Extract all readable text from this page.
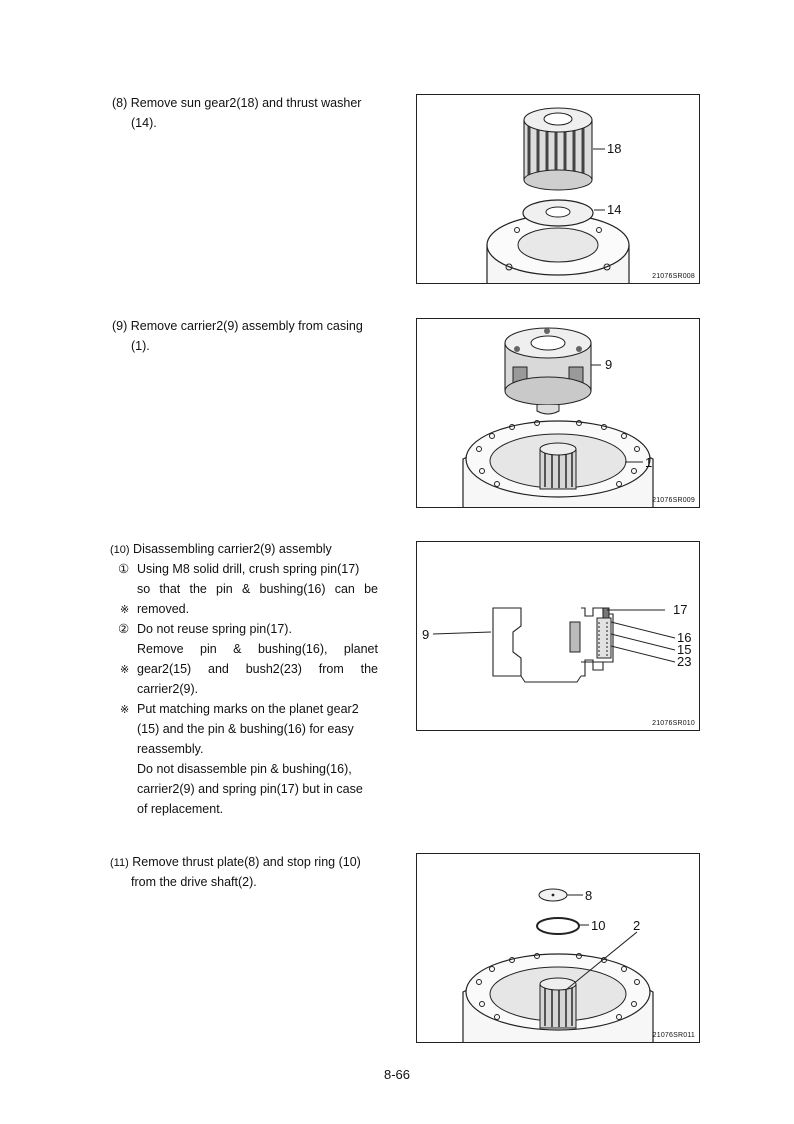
(8) Remove sun gear2(18) and thrust washer
(14).
18
14
21076SR008
(9) Remove carrier2(9) assembly from casing
(1).
9
1
21076SR009
(10) Disassembling carrier2(9) assembly
① Using M8 solid drill, crush spring pin(17)
so that the pin & bushing(16) can be
※ removed.
② Do not reuse spring pin(17).
Remove pin & bushing(16), planet
※ gear2(15) and bush2(23) from the
carrier2(9).
※ Put matching marks on the planet gear2
(15) and the pin & bushing(16) for easy
reassembly.
Do not disassemble pin & bushing(16),
carrier2(9) and spring pin(17) but in case
of replacement.
9
17
16
15
23
21076SR010
(11) Remove thrust plate(8) and stop ring (10)
from the drive shaft(2).
8
10 2
21076SR011
8-66
